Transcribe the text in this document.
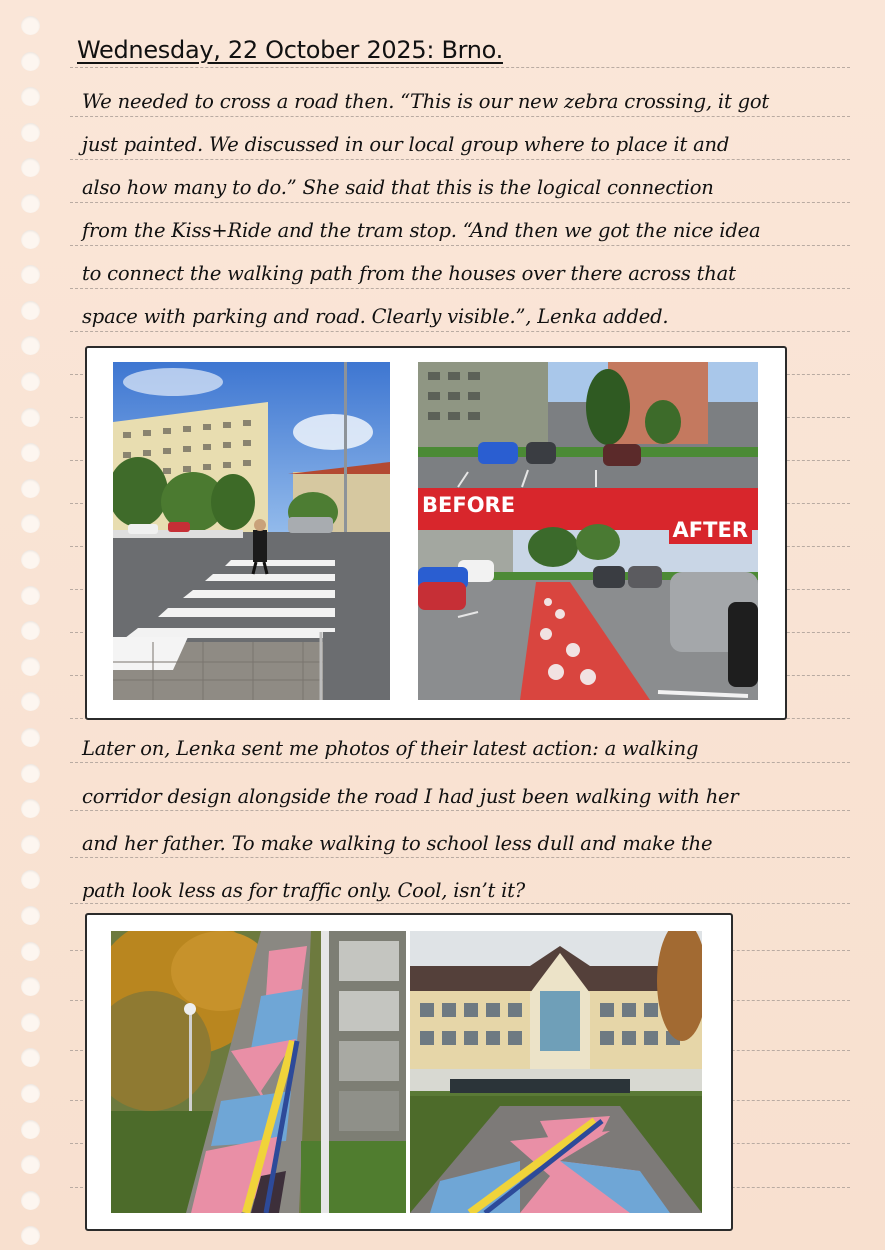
Wednesday, 22 October 2025: Brno.
We needed to cross a road then. “This is our new zebra crossing, it got
just painted. We discussed in our local group where to place it and
also how many to do.” She said that this is the logical connection
from the Kiss+Ride and the tram stop. “And then we got the nice idea
to connect the walking path from the houses over there across that
space with parking and road. Clearly visible.”, Lenka added.
BEFORE
AFTER
Later on, Lenka sent me photos of their latest action: a walking
corridor design alongside the road I had just been walking with her
and her father. To make walking to school less dull and make the
path look less as for traffic only. Cool, isn’t it?
